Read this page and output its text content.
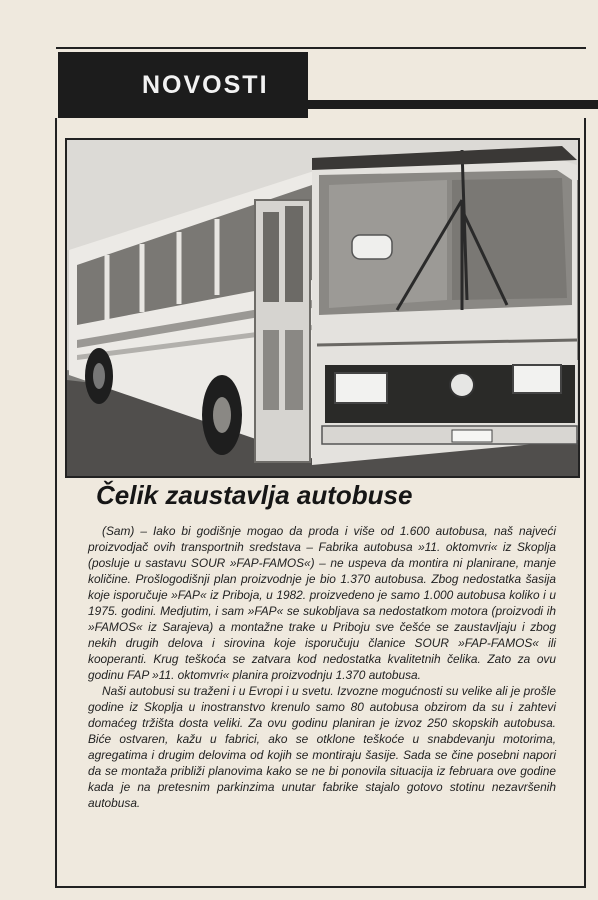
NOVOSTI
Čelik zaustavlja autobuse

(Sam) – Iako bi godišnje mogao da proda i više od 1.600 autobusa, naš najveći proizvodjač ovih transportnih sredstava – Fabrika autobusa »11. oktomvri« iz Skoplja (posluje u sastavu SOUR »FAP-FAMOS«) – ne uspeva da montira ni planirane, manje količine. Prošlogodišnji plan proizvodnje je bio 1.370 autobusa. Zbog nedostatka šasija koje isporučuje »FAP« iz Priboja, u 1982. proizvedeno je samo 1.000 autobusa koliko i u 1975. godini. Medjutim, i sam »FAP« se sukobljava sa nedostatkom motora (proizvodi ih »FAMOS« iz Sarajeva) a montažne trake u Priboju sve češće se zaustavljaju i zbog nekih drugih delova i sirovina koje isporučuju članice SOUR »FAP-FAMOS« ili kooperanti. Krug teškoća se zatvara kod nedostatka kvalitetnih čelika. Zato za ovu godinu FAP »11. oktomvri« planira proizvodnju 1.370 autobusa.

Naši autobusi su traženi i u Evropi i u svetu. Izvozne mogućnosti su velike ali je prošle godine iz Skoplja u inostranstvo krenulo samo 80 autobusa obzirom da su i zahtevi domaćeg tržišta dosta veliki. Za ovu godinu planiran je izvoz 250 skopskih autobusa. Biće ostvaren, kažu u fabrici, ako se otklone teškoće u snabdevanju motorima, agregatima i drugim delovima od kojih se montiraju šasije. Sada se čine posebni napori da se montaža približi planovima kako se ne bi ponovila situacija iz februara ove godine kada je na pretesnim parkinzima unutar fabrike stajalo gotovo stotinu nezavršenih autobusa.
